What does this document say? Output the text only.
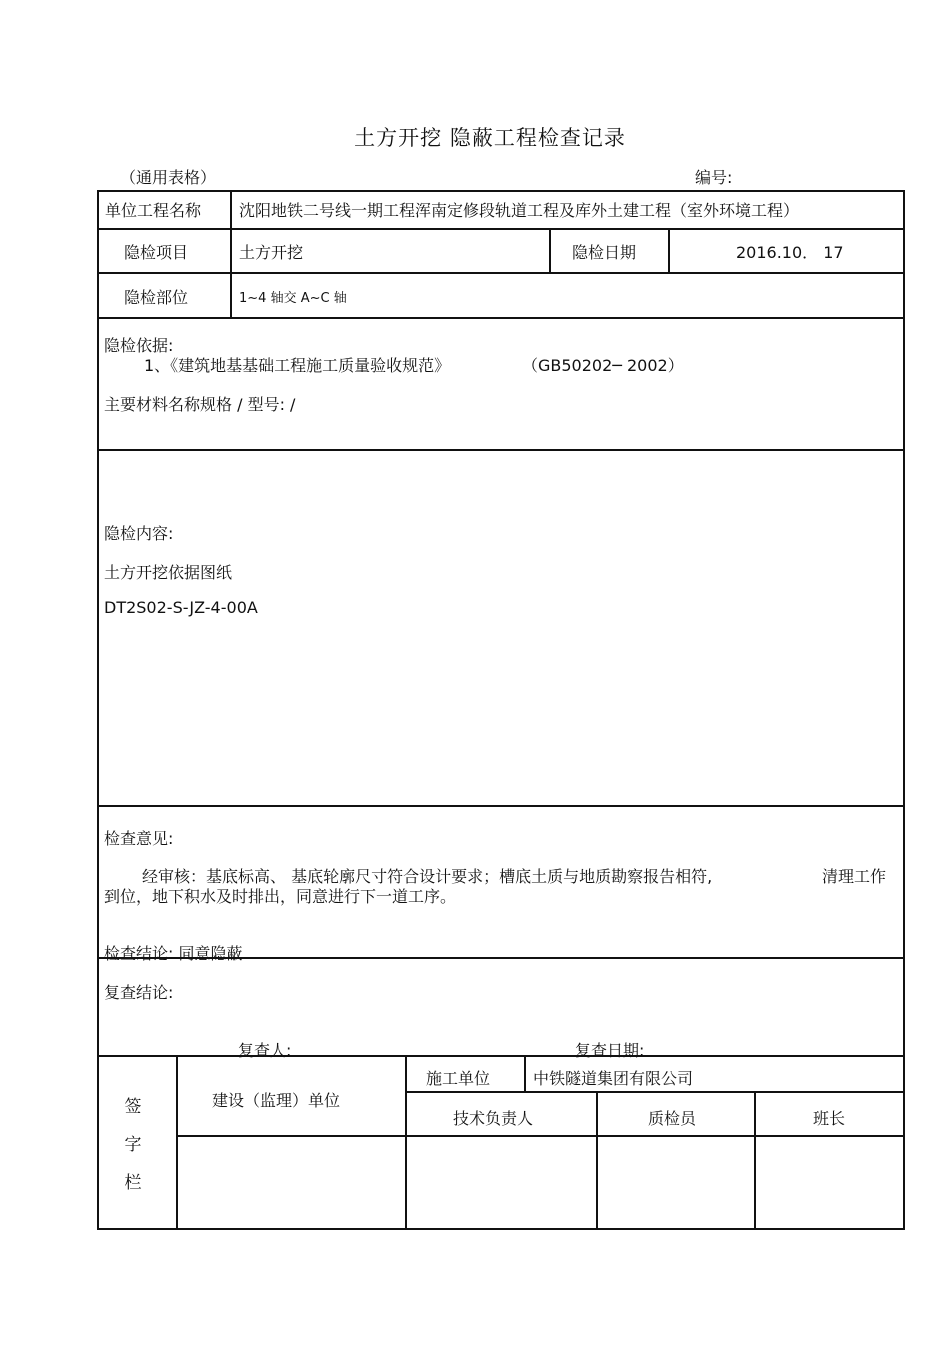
土方开挖 隐蔽工程检查记录
（通用表格）	编号:
单位工程名称 沈阳地铁二号线一期工程浑南定修段轨道工程及库外土建工程（室外环境工程）
隐检项目	土方开挖	隐检日期	2016.10． 17
隐检部位	1~4 轴交 A~C 轴
隐检依据:
1、《建筑地基基础工程施工质量验收规范》	（GB50202─ 2002）
主要材料名称规格 / 型号: /
隐检内容:
土方开挖依据图纸
DT2S02-S-JZ-4-00A
检查意见:
经审核：基底标高、 基底轮廓尺寸符合设计要求；槽底土质与地质勘察报告相符,	清理工作
到位，地下积水及时排出，同意进行下一道工序。
检查结论: 同意隐蔽
复查结论:
复查人:	复查日期:
签
字
栏
建设（监理）单位
施工单位	中铁隧道集团有限公司
技术负责人	质检员	班长
